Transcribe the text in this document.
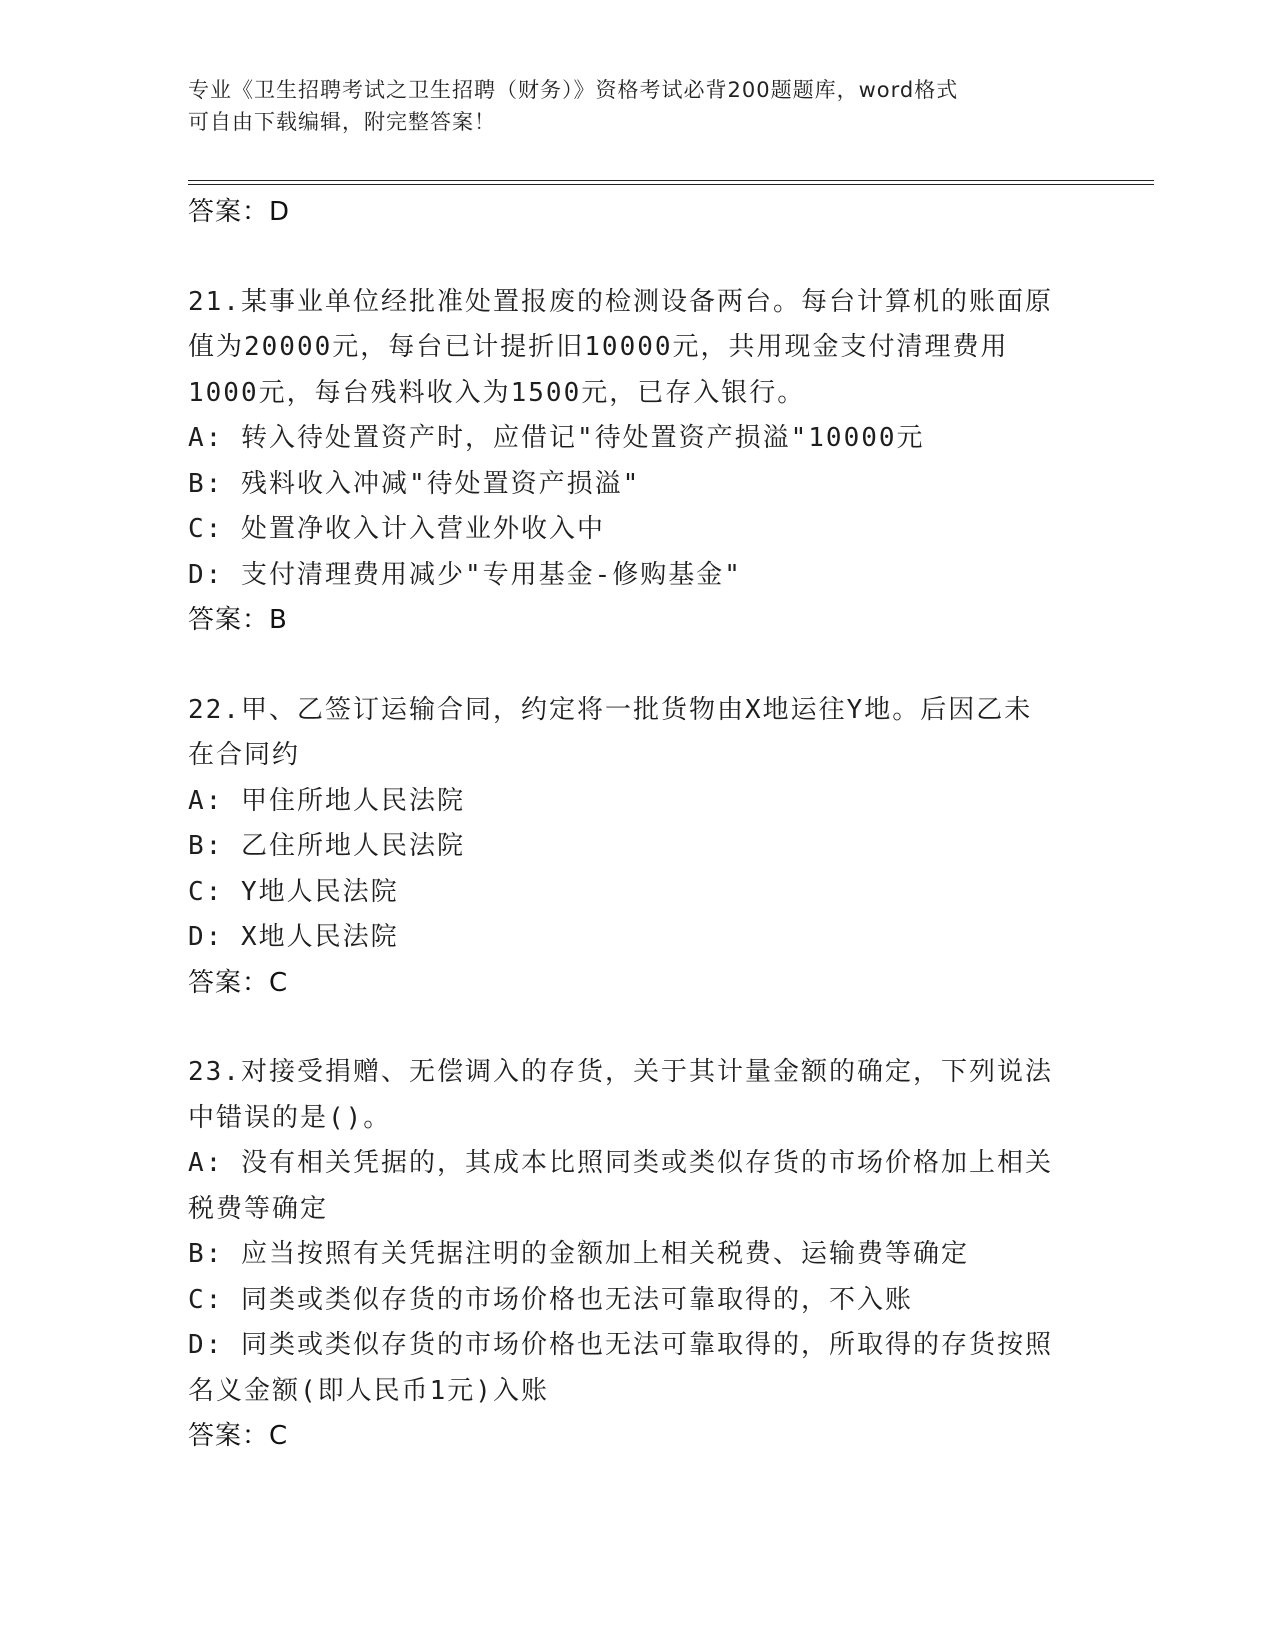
专业《卫生招聘考试之卫生招聘（财务）》资格考试必背200题题库，word格式
可自由下载编辑，附完整答案！
答案：D
21.某事业单位经批准处置报废的检测设备两台。每台计算机的账面原
值为20000元，每台已计提折旧10000元，共用现金支付清理费用
1000元，每台残料收入为1500元，已存入银行。
A: 转入待处置资产时，应借记"待处置资产损溢"10000元
B: 残料收入冲减"待处置资产损溢"
C: 处置净收入计入营业外收入中
D: 支付清理费用减少"专用基金-修购基金"
答案：B
22.甲、乙签订运输合同，约定将一批货物由X地运往Y地。后因乙未
在合同约
A: 甲住所地人民法院
B: 乙住所地人民法院
C: Y地人民法院
D: X地人民法院
答案：C
23.对接受捐赠、无偿调入的存货，关于其计量金额的确定，下列说法
中错误的是()。
A: 没有相关凭据的，其成本比照同类或类似存货的市场价格加上相关
税费等确定
B: 应当按照有关凭据注明的金额加上相关税费、运输费等确定
C: 同类或类似存货的市场价格也无法可靠取得的，不入账
D: 同类或类似存货的市场价格也无法可靠取得的，所取得的存货按照
名义金额(即人民币1元)入账
答案：C
